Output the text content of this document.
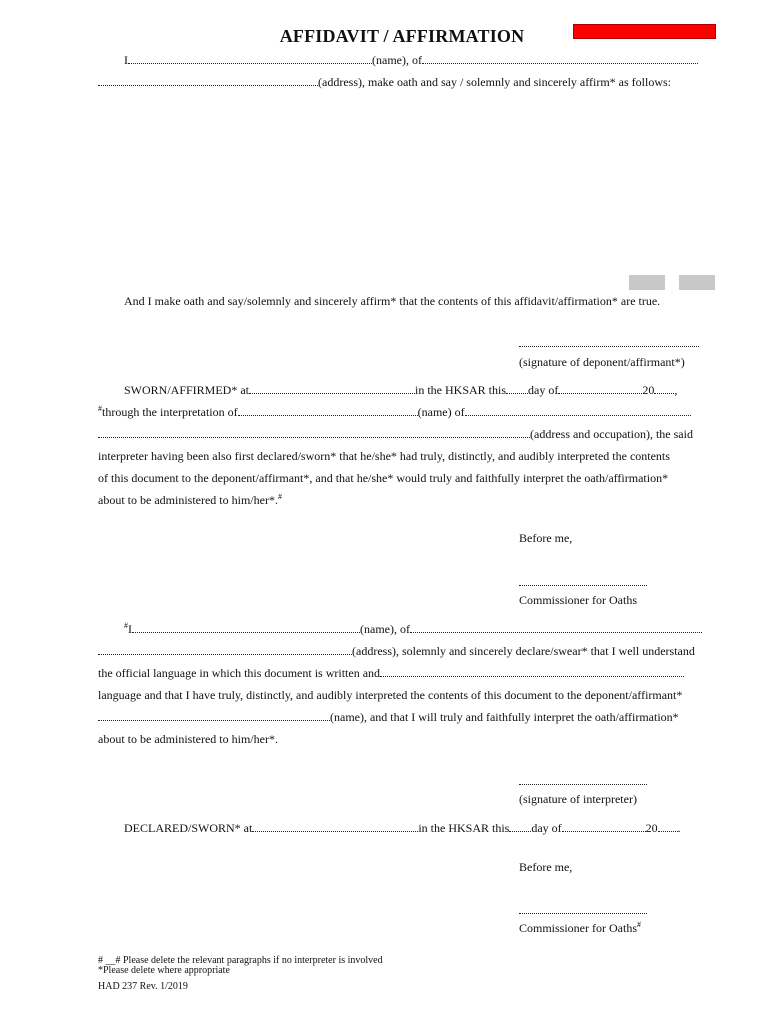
AFFIDAVIT / AFFIRMATION
I	(name), of
(address), make oath and say / solemnly and sincerely affirm* as follows:
And I make oath and say/solemnly and sincerely affirm* that the contents of this affidavit/affirmation* are true.
(signature of deponent/affirmant*)
SWORN/AFFIRMED* at	in the HKSAR this day of	20 ,
#through the interpretation of	(name) of
(address and occupation), the said
interpreter having been also first declared/sworn* that he/she* had truly, distinctly, and audibly interpreted the contents
of this document to the deponent/affirmant*, and that he/she* would truly and faithfully interpret the oath/affirmation*
about to be administered to him/her*.#
Before me,
Commissioner for Oaths
#I	(name), of
(address), solemnly and sincerely declare/swear* that I well understand
the official language in which this document is written and
language and that I have truly, distinctly, and audibly interpreted the contents of this document to the deponent/affirmant*
(name), and that I will truly and faithfully interpret the oath/affirmation*
about to be administered to him/her*.
(signature of interpreter)
DECLARED/SWORN* at	in the HKSAR this day of	20 .
Before me,
Commissioner for Oaths#
# __# Please delete the relevant paragraphs if no interpreter is involved
*Please delete where appropriate
HAD 237 Rev. 1/2019
